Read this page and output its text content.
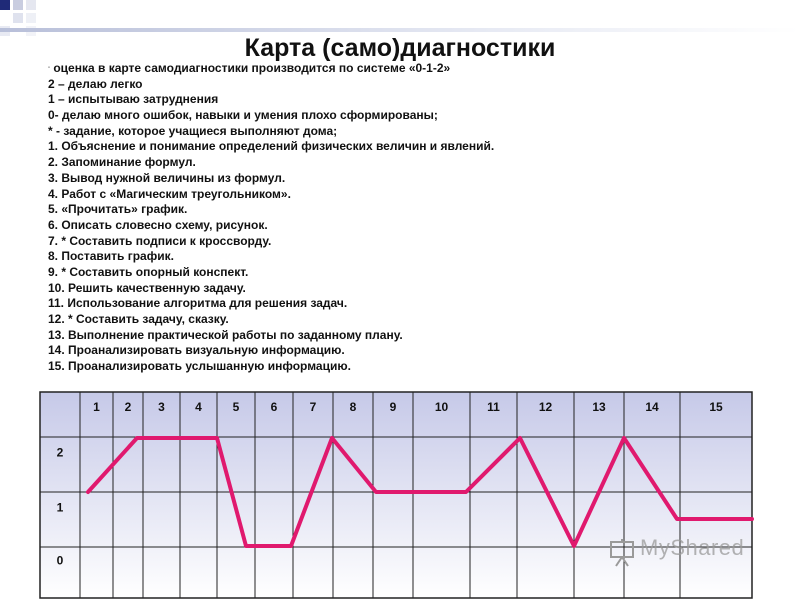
Карта (само)диагностики
- оценка в карте самодиагностики производится по системе «0-1-2»
2 – делаю легко
1 – испытываю затруднения
0- делаю много ошибок, навыки и умения плохо сформированы;
* - задание, которое учащиеся выполняют дома;
1. Объяснение и понимание определений физических величин и явлений.
2. Запоминание формул.
3. Вывод нужной величины из формул.
4. Работ с «Магическим треугольником».
5. «Прочитать» график.
6. Описать словесно схему, рисунок.
7. * Составить подписи к кроссворду.
8. Поставить график.
9. * Составить опорный конспект.
10. Решить качественную задачу.
11. Использование алгоритма для решения задач.
12. * Составить задачу, сказку.
13. Выполнение практической работы по заданному плану.
14. Проанализировать визуальную информацию.
15. Проанализировать услышанную информацию.
1 2 3	4	5	6	7	8	9	10	11	12	13	14	15
2
1
0
MyShared
